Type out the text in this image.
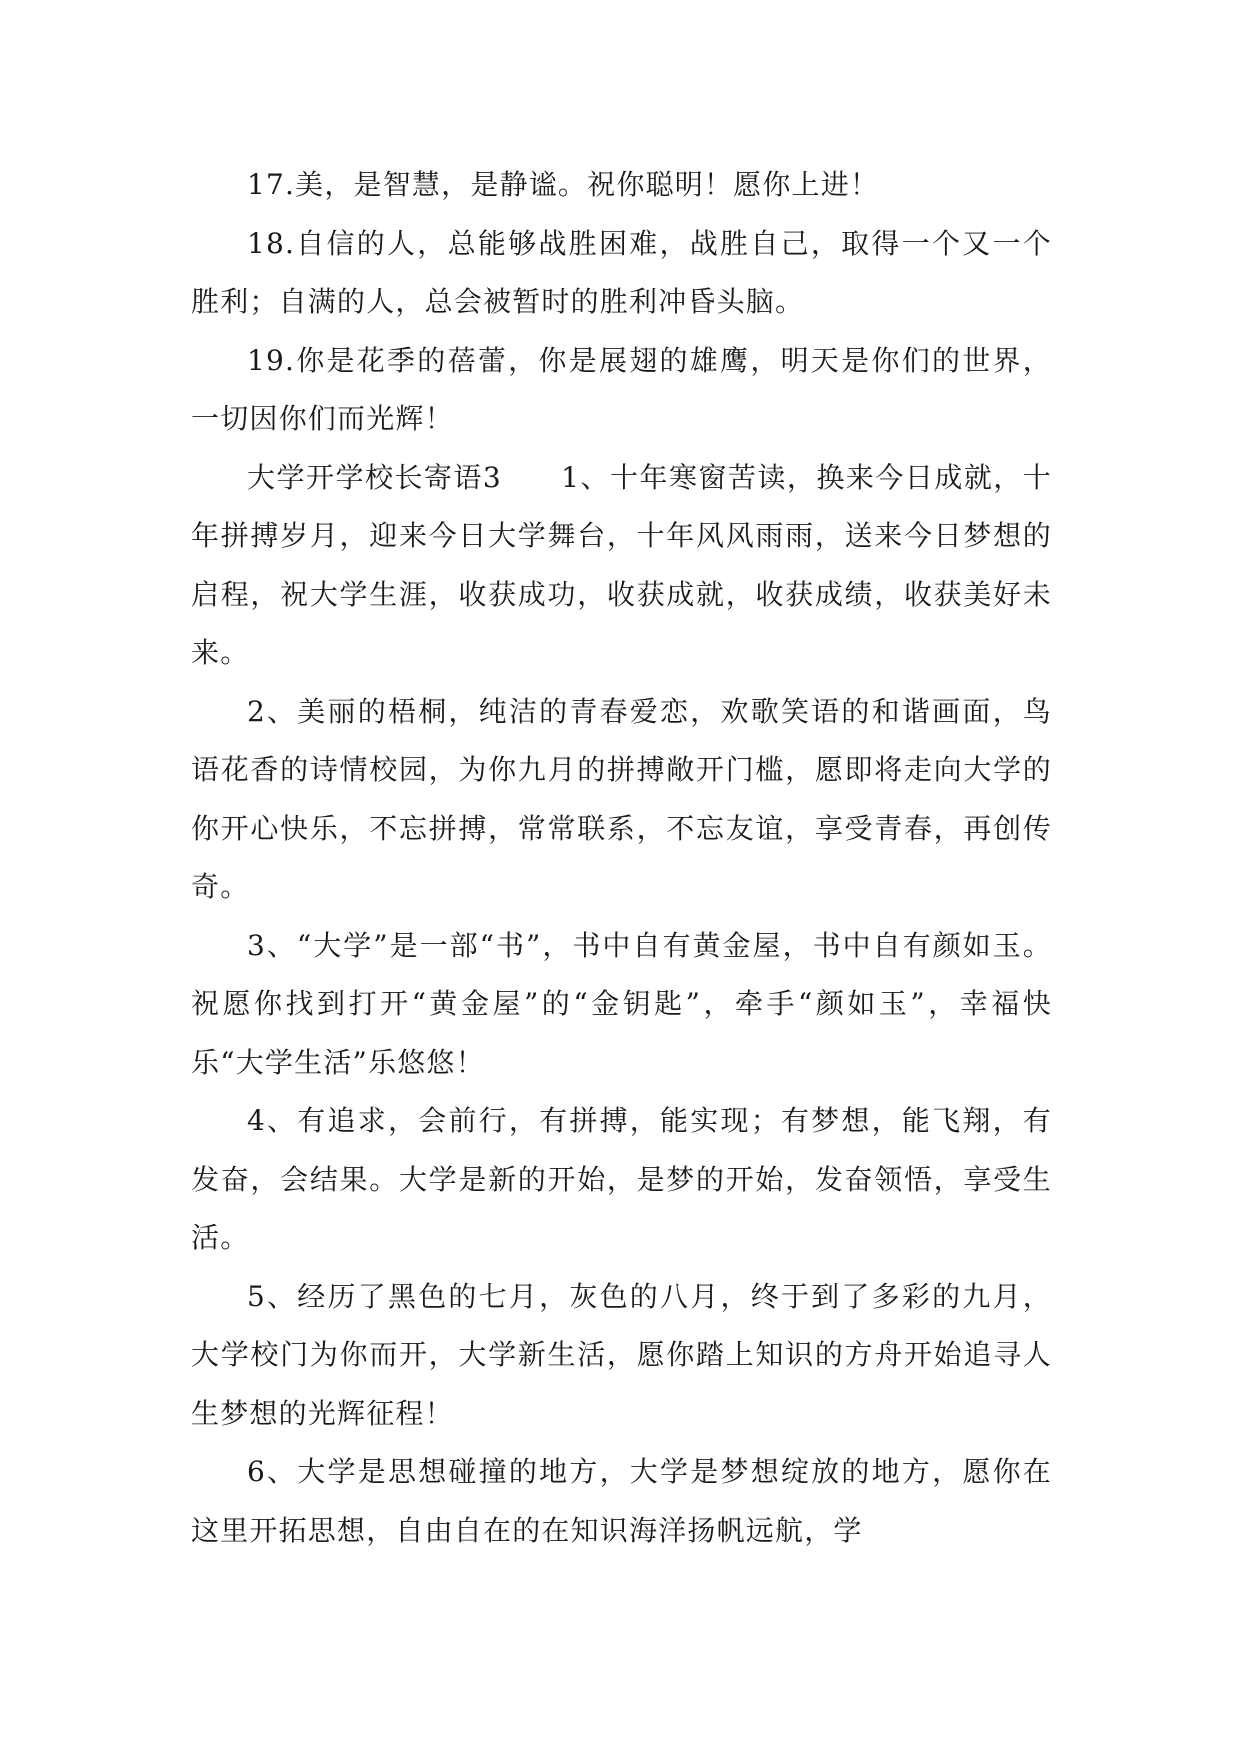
17.美，是智慧，是静谧。祝你聪明！愿你上进！

18.自信的人，总能够战胜困难，战胜自己，取得一个又一个胜利；自满的人，总会被暂时的胜利冲昏头脑。

19.你是花季的蓓蕾，你是展翅的雄鹰，明天是你们的世界，一切因你们而光辉！

大学开学校长寄语3　　1、十年寒窗苦读，换来今日成就，十年拼搏岁月，迎来今日大学舞台，十年风风雨雨，送来今日梦想的启程，祝大学生涯，收获成功，收获成就，收获成绩，收获美好未来。

2、美丽的梧桐，纯洁的青春爱恋，欢歌笑语的和谐画面，鸟语花香的诗情校园，为你九月的拼搏敞开门槛，愿即将走向大学的你开心快乐，不忘拼搏，常常联系，不忘友谊，享受青春，再创传奇。

3、“大学”是一部“书”，书中自有黄金屋，书中自有颜如玉。祝愿你找到打开“黄金屋”的“金钥匙”，牵手“颜如玉”，幸福快乐“大学生活”乐悠悠！

4、有追求，会前行，有拼搏，能实现；有梦想，能飞翔，有发奋，会结果。大学是新的开始，是梦的开始，发奋领悟，享受生活。

5、经历了黑色的七月，灰色的八月，终于到了多彩的九月，大学校门为你而开，大学新生活，愿你踏上知识的方舟开始追寻人生梦想的光辉征程！

6、大学是思想碰撞的地方，大学是梦想绽放的地方，愿你在这里开拓思想，自由自在的在知识海洋扬帆远航，学
